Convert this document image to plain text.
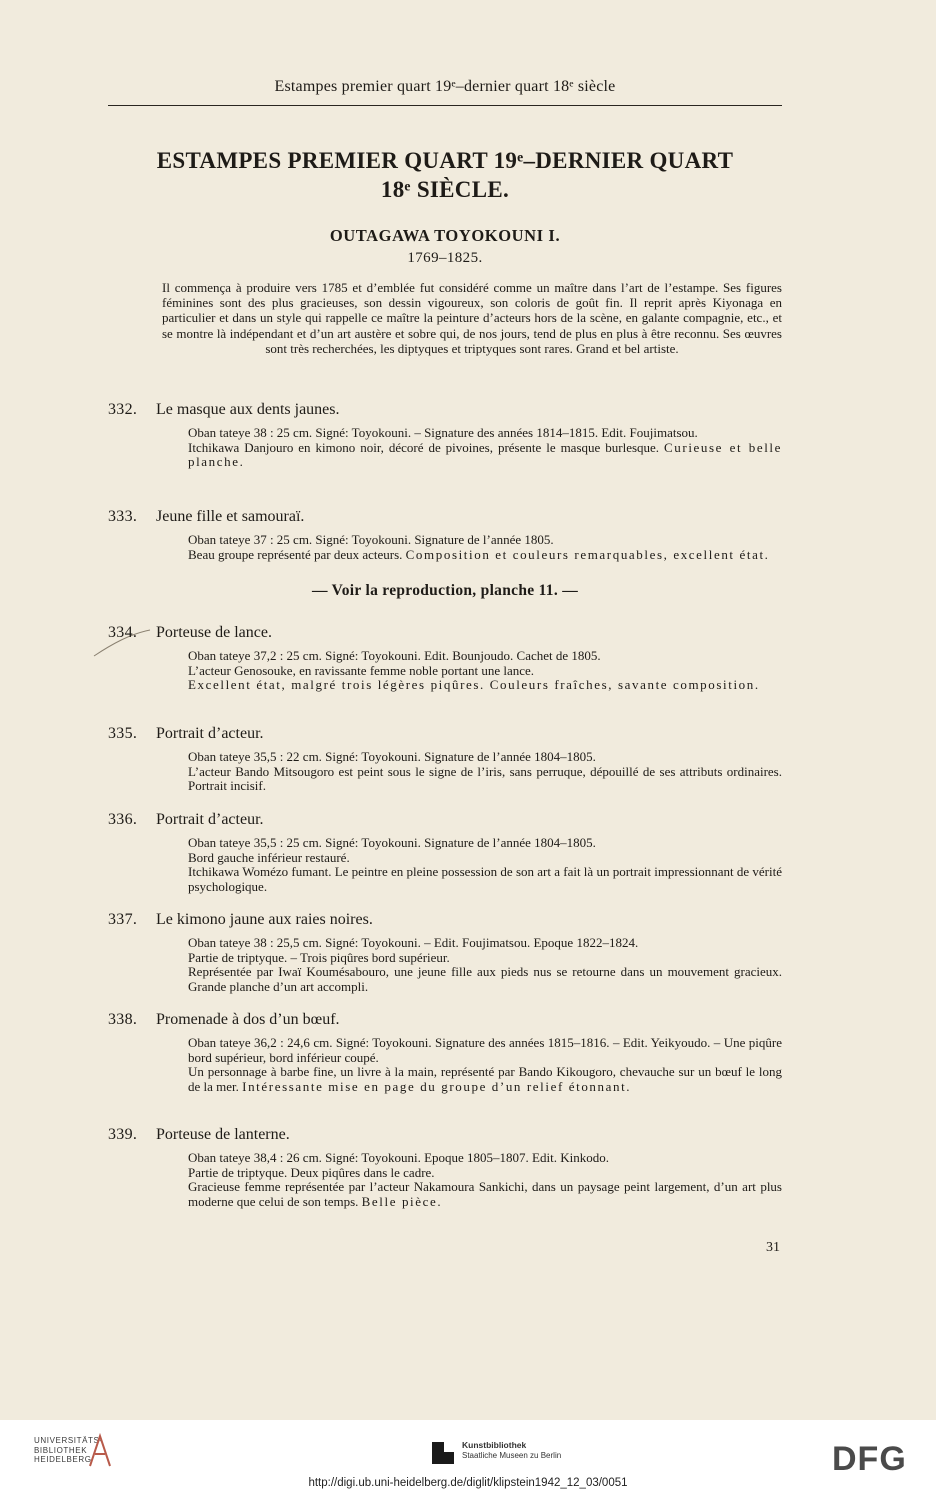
Estampes premier quart 19ᵉ–dernier quart 18ᵉ siècle
ESTAMPES PREMIER QUART 19ᵉ–DERNIER QUART
18ᵉ SIÈCLE.
OUTAGAWA TOYOKOUNI I.
1769–1825.
Il commença à produire vers 1785 et d’emblée fut considéré comme un maître dans l’art de l’estampe. Ses figures féminines sont des plus gracieuses, son dessin vigoureux, son coloris de goût fin. Il reprit après Kiyonaga en particulier et dans un style qui rappelle ce maître la peinture d’acteurs hors de la scène, en galante compagnie, etc., et se montre là indépendant et d’un art austère et sobre qui, de nos jours, tend de plus en plus à être reconnu. Ses œuvres sont très recherchées, les diptyques et triptyques sont rares. Grand et bel artiste.
332. Le masque aux dents jaunes.
Oban tateye 38 : 25 cm. Signé: Toyokouni. – Signature des années 1814–1815. Edit. Foujimatsou.
Itchikawa Danjouro en kimono noir, décoré de pivoines, présente le masque burlesque. Curieuse et belle planche.
333. Jeune fille et samouraï.
Oban tateye 37 : 25 cm. Signé: Toyokouni. Signature de l’année 1805.
Beau groupe représenté par deux acteurs. Composition et couleurs remarquables, excellent état.
— Voir la reproduction, planche 11. —
334. Porteuse de lance.
Oban tateye 37,2 : 25 cm. Signé: Toyokouni. Edit. Bounjoudo. Cachet de 1805.
L’acteur Genosouke, en ravissante femme noble portant une lance.
Excellent état, malgré trois légères piqûres. Couleurs fraîches, savante composition.
335. Portrait d’acteur.
Oban tateye 35,5 : 22 cm. Signé: Toyokouni. Signature de l’année 1804–1805.
L’acteur Bando Mitsougoro est peint sous le signe de l’iris, sans perruque, dépouillé de ses attributs ordinaires. Portrait incisif.
336. Portrait d’acteur.
Oban tateye 35,5 : 25 cm. Signé: Toyokouni. Signature de l’année 1804–1805.
Bord gauche inférieur restauré.
Itchikawa Womézo fumant. Le peintre en pleine possession de son art a fait là un portrait impressionnant de vérité psychologique.
337. Le kimono jaune aux raies noires.
Oban tateye 38 : 25,5 cm. Signé: Toyokouni. – Edit. Foujimatsou. Epoque 1822–1824.
Partie de triptyque. – Trois piqûres bord supérieur.
Représentée par Iwaï Koumésabouro, une jeune fille aux pieds nus se retourne dans un mouvement gracieux. Grande planche d’un art accompli.
338. Promenade à dos d’un bœuf.
Oban tateye 36,2 : 24,6 cm. Signé: Toyokouni. Signature des années 1815–1816. – Edit. Yeikyoudo. – Une piqûre bord supérieur, bord inférieur coupé.
Un personnage à barbe fine, un livre à la main, représenté par Bando Kikougoro, chevauche sur un bœuf le long de la mer. Intéressante mise en page du groupe d’un relief étonnant.
339. Porteuse de lanterne.
Oban tateye 38,4 : 26 cm. Signé: Toyokouni. Epoque 1805–1807. Edit. Kinkodo.
Partie de triptyque. Deux piqûres dans le cadre.
Gracieuse femme représentée par l’acteur Nakamoura Sankichi, dans un paysage peint largement, d’un art plus moderne que celui de son temps. Belle pièce.
31
UNIVERSITÄTS-
BIBLIOTHEK
HEIDELBERG
Kunstbibliothek
Staatliche Museen zu Berlin	DFG
http://digi.ub.uni-heidelberg.de/diglit/klipstein1942_12_03/0051
